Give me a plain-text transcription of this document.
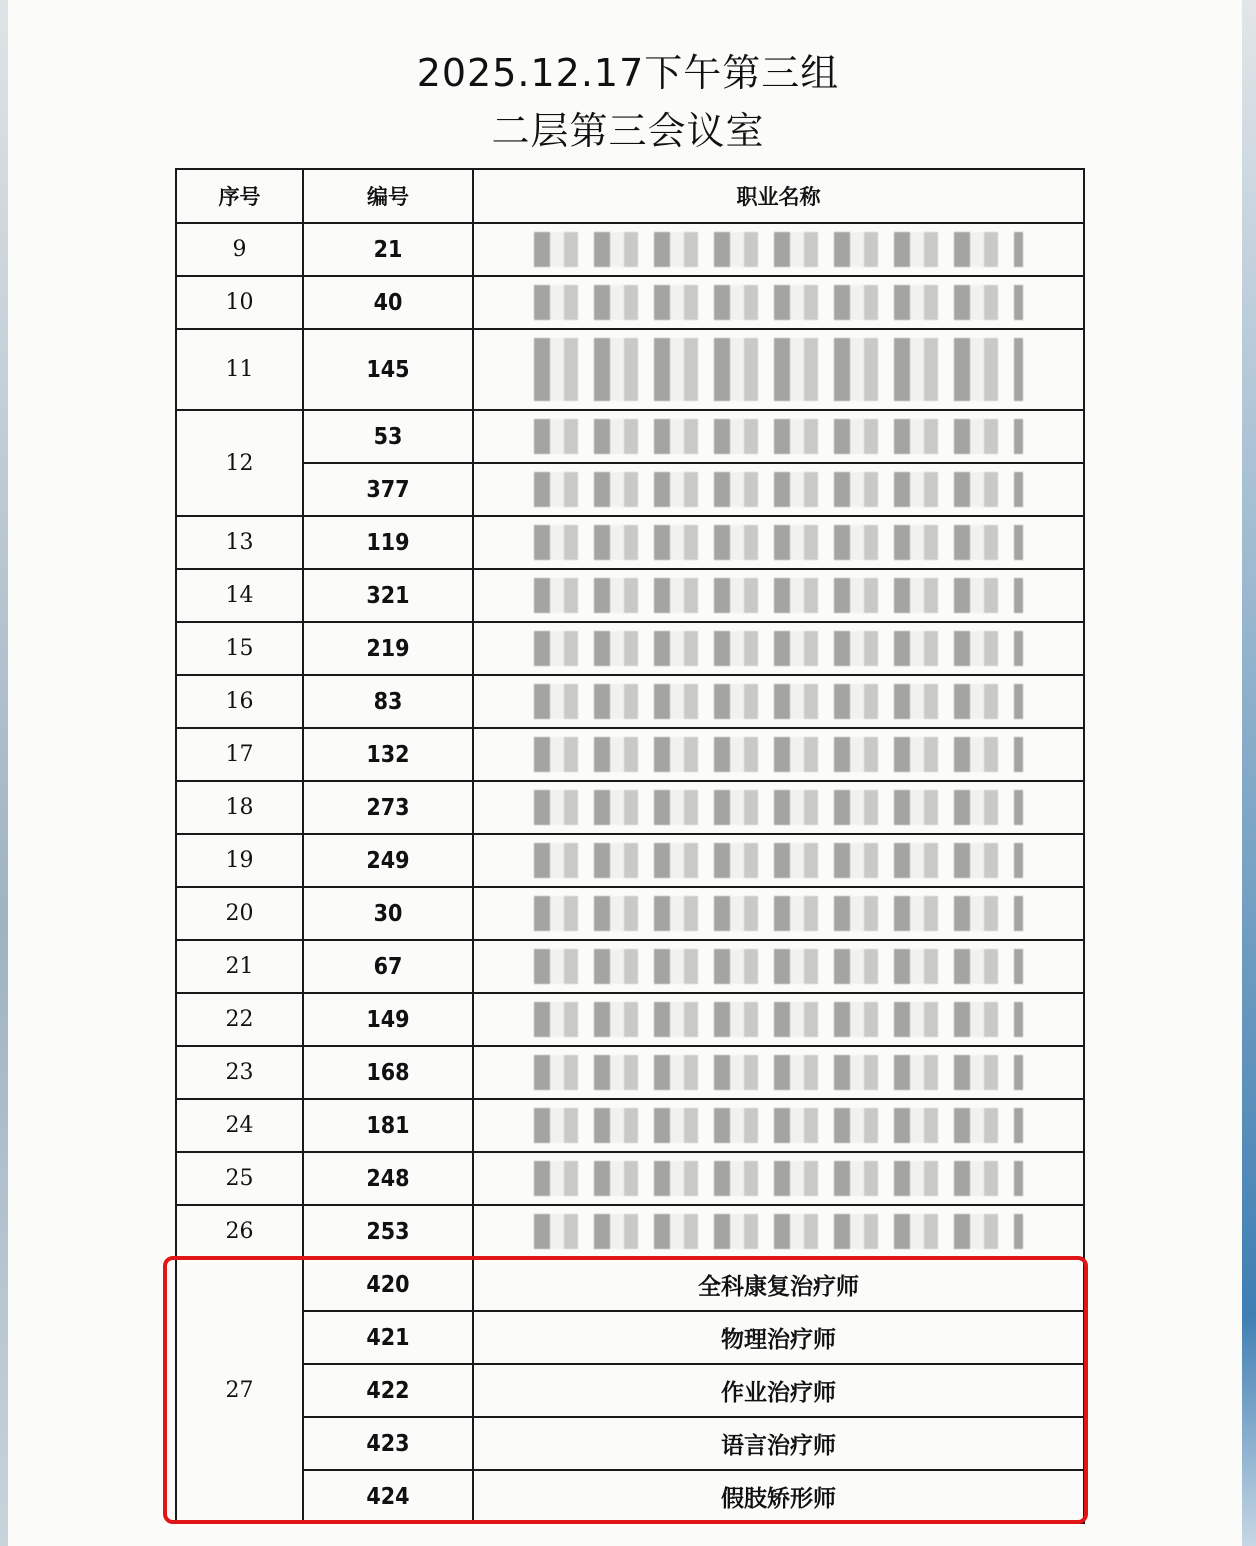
2025.12.17下午第三组
二层第三会议室
序号	编号	职业名称
9	21	

10	40	

11	145	

12	53	

	377	

13	119	

14	321	

15	219	

16	83	

17	132	

18	273	

19	249	

20	30	

21	67	

22	149	

23	168	

24	181	

25	248	

26	253	

27	420	全科康复治疗师
	421	物理治疗师
	422	作业治疗师
	423	语言治疗师
	424	假肢矫形师
